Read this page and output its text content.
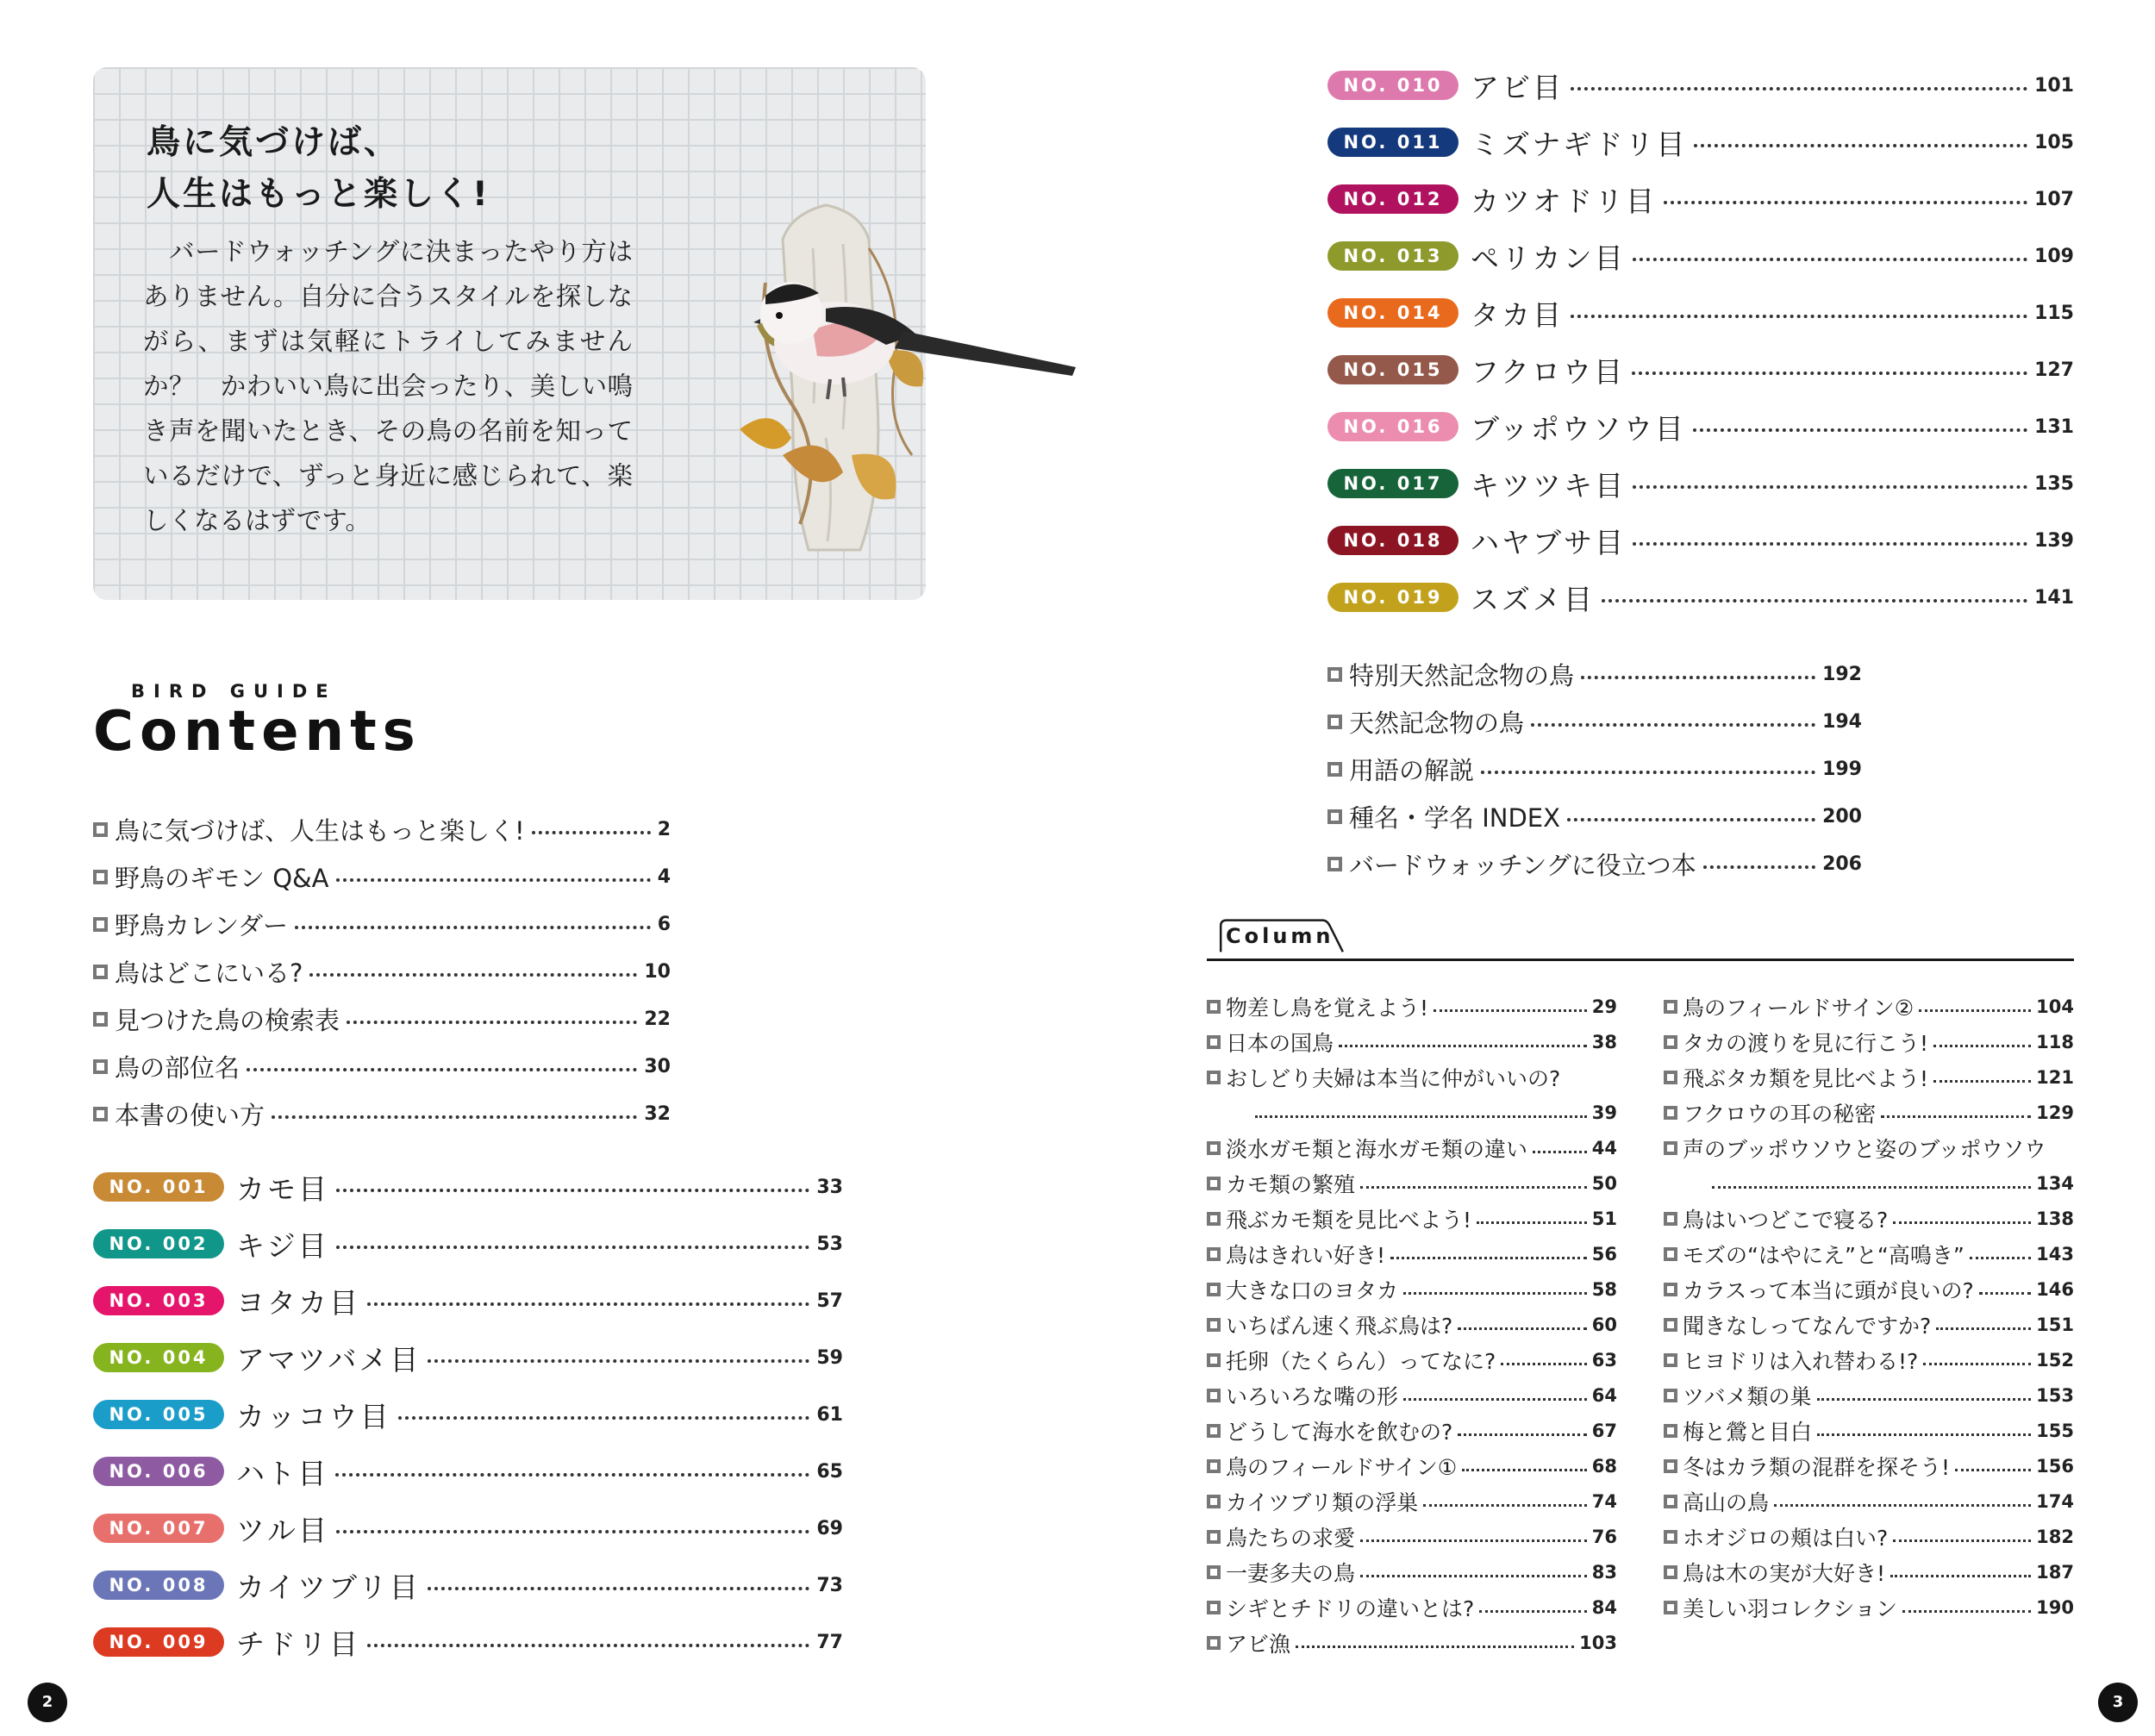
鳥に気づけば、
人生はもっと楽しく!

バードウォッチングに決まったやり方はありません。自分に合うスタイルを探しながら、まずは気軽にトライしてみませんか？　かわいい鳥に出会ったり、美しい鳴き声を聞いたとき、その鳥の名前を知っているだけで、ずっと身近に感じられて、楽しくなるはずです。

BIRD GUIDE
Contents
鳥に気づけば、人生はもっと楽しく!	2
野鳥のギモン Q&A	4
野鳥カレンダー	6
鳥はどこにいる?	10
見つけた鳥の検索表	22
鳥の部位名	30
本書の使い方	32
NO. 001 カモ目	33
NO. 002 キジ目	53
NO. 003 ヨタカ目	57
NO. 004 アマツバメ目	59
NO. 005 カッコウ目	61
NO. 006 ハト目	65
NO. 007 ツル目	69
NO. 008 カイツブリ目	73
NO. 009 チドリ目	77
NO. 010 アビ目	101
NO. 011 ミズナギドリ目	105
NO. 012 カツオドリ目	107
NO. 013 ペリカン目	109
NO. 014 タカ目	115
NO. 015 フクロウ目	127
NO. 016 ブッポウソウ目	131
NO. 017 キツツキ目	135
NO. 018 ハヤブサ目	139
NO. 019 スズメ目	141
特別天然記念物の鳥	192
天然記念物の鳥	194
用語の解説	199
種名・学名 INDEX	200
バードウォッチングに役立つ本	206
Column
物差し鳥を覚えよう!	29
日本の国鳥	38
おしどり夫婦は本当に仲がいいの?
39
淡水ガモ類と海水ガモ類の違い	44
カモ類の繁殖	50
飛ぶカモ類を見比べよう!	51
鳥はきれい好き!	56
大きな口のヨタカ	58
いちばん速く飛ぶ鳥は?	60
托卵（たくらん）ってなに?	63
いろいろな嘴の形	64
どうして海水を飲むの?	67
鳥のフィールドサイン①	68
カイツブリ類の浮巣	74
鳥たちの求愛	76
一妻多夫の鳥	83
シギとチドリの違いとは?	84
アビ漁	103
鳥のフィールドサイン②	104
タカの渡りを見に行こう!	118
飛ぶタカ類を見比べよう!	121
フクロウの耳の秘密	129
声のブッポウソウと姿のブッポウソウ
134
鳥はいつどこで寝る?	138
モズの“はやにえ”と“高鳴き”	143
カラスって本当に頭が良いの?	146
聞きなしってなんですか?	151
ヒヨドリは入れ替わる!?	152
ツバメ類の巣	153
梅と鶯と目白	155
冬はカラ類の混群を探そう!	156
高山の鳥	174
ホオジロの頬は白い?	182
鳥は木の実が大好き!	187
美しい羽コレクション	190
2	3
